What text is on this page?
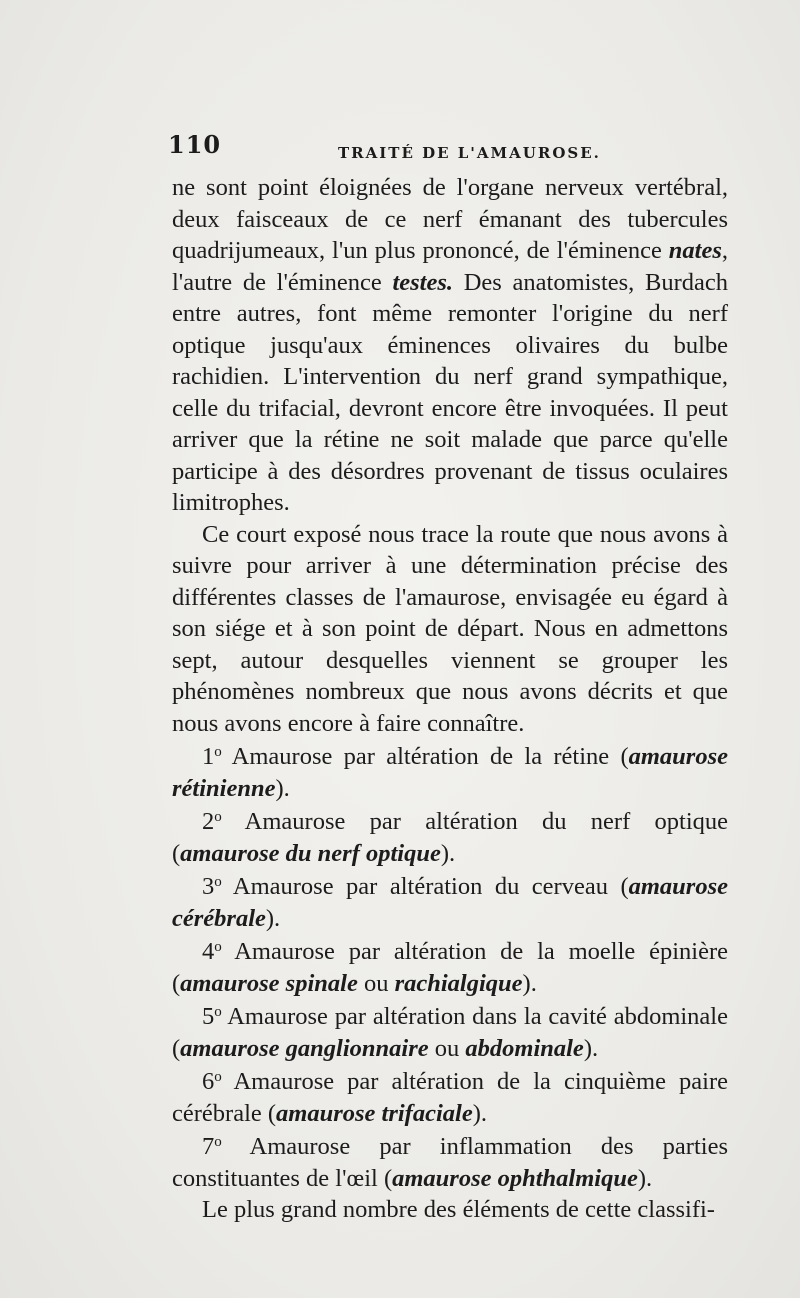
110	TRAITÉ DE L'AMAUROSE.

ne sont point éloignées de l'organe nerveux vertébral, deux faisceaux de ce nerf émanant des tubercules quadrijumeaux, l'un plus prononcé, de l'éminence nates, l'autre de l'éminence testes. Des anatomistes, Burdach entre autres, font même remonter l'origine du nerf optique jusqu'aux éminences olivaires du bulbe rachidien. L'intervention du nerf grand sympathique, celle du trifacial, devront encore être invoquées. Il peut arriver que la rétine ne soit malade que parce qu'elle participe à des désordres provenant de tissus oculaires limitrophes.

Ce court exposé nous trace la route que nous avons à suivre pour arriver à une détermination précise des différentes classes de l'amaurose, envisagée eu égard à son siége et à son point de départ. Nous en admettons sept, autour desquelles viennent se grouper les phénomènes nombreux que nous avons décrits et que nous avons encore à faire connaître.

1$^o$ Amaurose par altération de la rétine (amaurose rétinienne).

2$^o$ Amaurose par altération du nerf optique (amaurose du nerf optique).

3$^o$ Amaurose par altération du cerveau (amaurose cérébrale).

4$^o$ Amaurose par altération de la moelle épinière (amaurose spinale ou rachialgique).

5$^o$ Amaurose par altération dans la cavité abdominale (amaurose ganglionnaire ou abdominale).

6$^o$ Amaurose par altération de la cinquième paire cérébrale (amaurose trifaciale).

7$^o$ Amaurose par inflammation des parties constituantes de l'œil (amaurose ophthalmique).

Le plus grand nombre des éléments de cette classifi-
